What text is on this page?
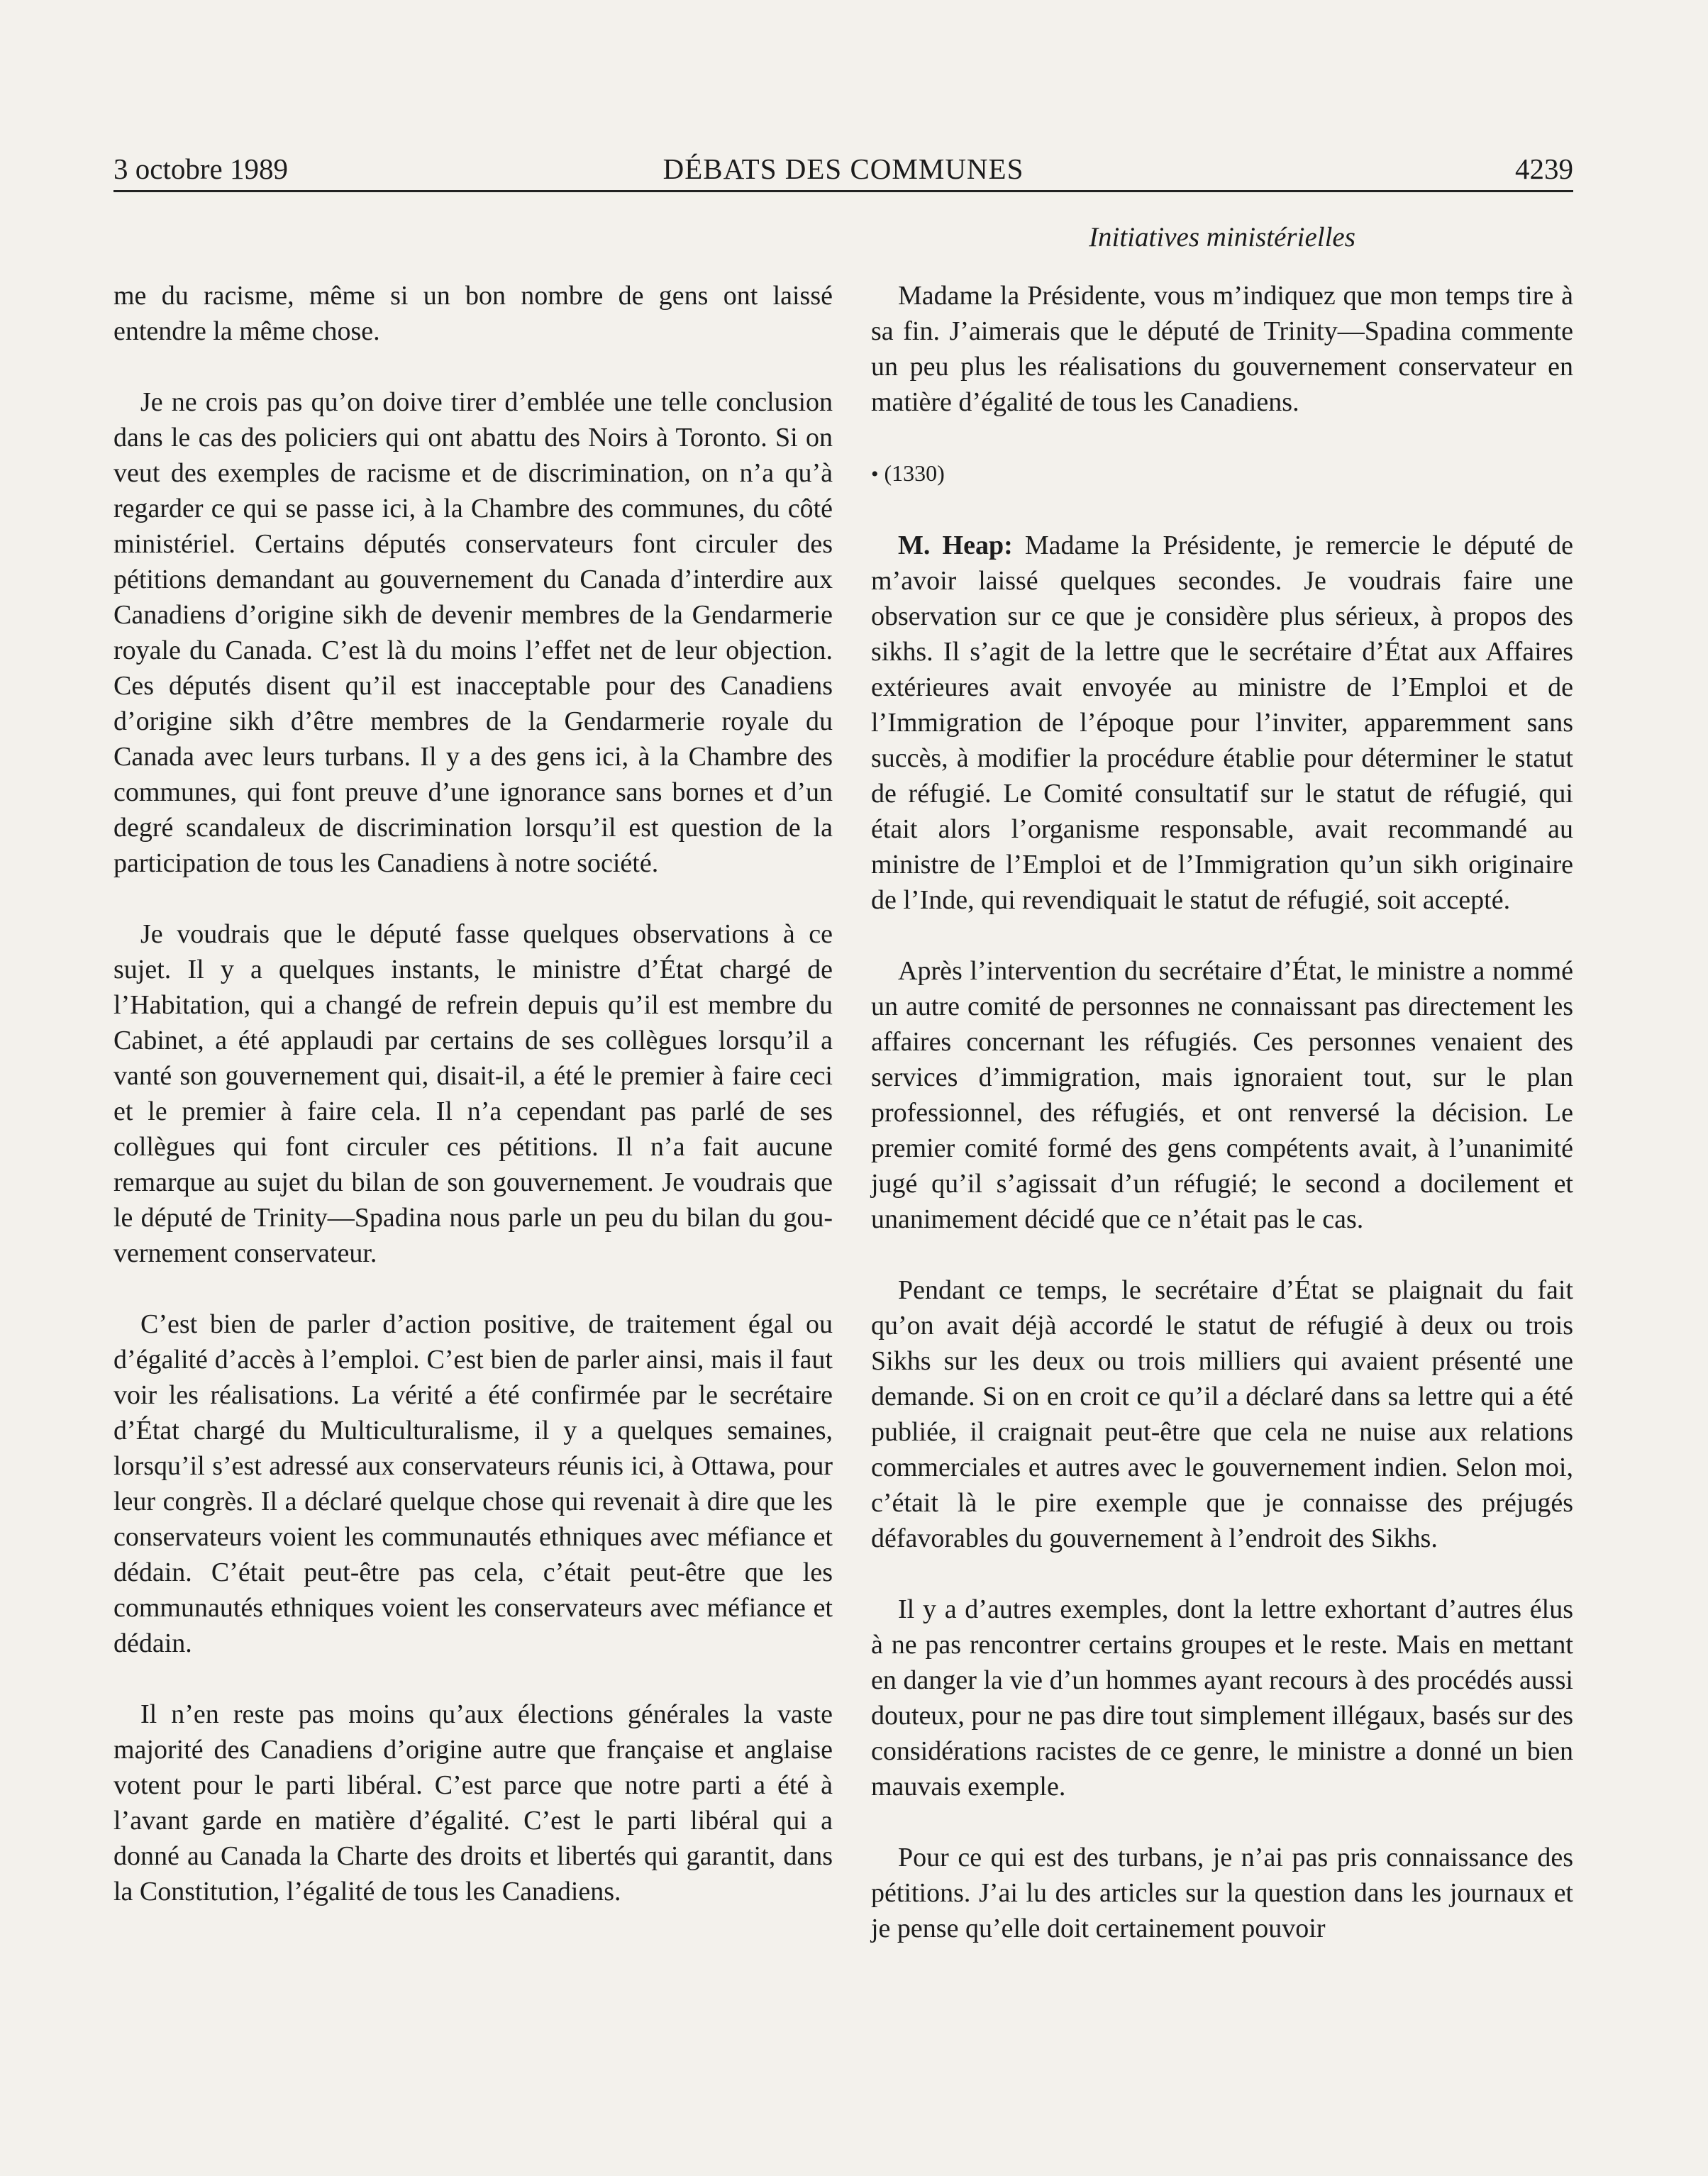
3 octobre 1989	DÉBATS DES COMMUNES	4239
Initiatives ministérielles

me du racisme, même si un bon nombre de gens ont laissé entendre la même chose.

Je ne crois pas qu’on doive tirer d’emblée une telle conclusion dans le cas des policiers qui ont abattu des Noirs à Toronto. Si on veut des exemples de racisme et de discrimination, on n’a qu’à regarder ce qui se passe ici, à la Chambre des communes, du côté ministériel. Certains députés conservateurs font circuler des pétitions demandant au gouvernement du Canada d’interdire aux Canadiens d’origine sikh de devenir membres de la Gendarmerie royale du Canada. C’est là du moins l’effet net de leur objection. Ces députés disent qu’il est inacceptable pour des Canadiens d’origine sikh d’être membres de la Gendarmerie royale du Canada avec leurs turbans. Il y a des gens ici, à la Chambre des communes, qui font preuve d’une ignorance sans bornes et d’un degré scandaleux de discrimination lorsqu’il est question de la participation de tous les Canadiens à notre société.

Je voudrais que le député fasse quelques observations à ce sujet. Il y a quelques instants, le ministre d’État chargé de l’Habitation, qui a changé de refrein depuis qu’il est membre du Cabinet, a été applaudi par certains de ses collègues lorsqu’il a vanté son gouvernement qui, disait-il, a été le premier à faire ceci et le premier à faire cela. Il n’a cependant pas parlé de ses collègues qui font circuler ces pétitions. Il n’a fait aucune remarque au sujet du bilan de son gouvernement. Je voudrais que le député de Trinity—Spadina nous parle un peu du bilan du gouvernement conservateur.

C’est bien de parler d’action positive, de traitement égal ou d’égalité d’accès à l’emploi. C’est bien de parler ainsi, mais il faut voir les réalisations. La vérité a été confirmée par le secrétaire d’État chargé du Multiculturalisme, il y a quelques semaines, lorsqu’il s’est adressé aux conservateurs réunis ici, à Ottawa, pour leur congrès. Il a déclaré quelque chose qui revenait à dire que les conservateurs voient les communautés ethniques avec méfiance et dédain. C’était peut-être pas cela, c’était peut-être que les communautés ethniques voient les conservateurs avec méfiance et dédain.

Il n’en reste pas moins qu’aux élections générales la vaste majorité des Canadiens d’origine autre que française et anglaise votent pour le parti libéral. C’est parce que notre parti a été à l’avant garde en matière d’égalité. C’est le parti libéral qui a donné au Canada la Charte des droits et libertés qui garantit, dans la Constitution, l’égalité de tous les Canadiens.

Madame la Présidente, vous m’indiquez que mon temps tire à sa fin. J’aimerais que le député de Trinity—Spadina commente un peu plus les réalisations du gouvernement conservateur en matière d’égalité de tous les Canadiens.

• (1330)

M. Heap: Madame la Présidente, je remercie le député de m’avoir laissé quelques secondes. Je voudrais faire une observation sur ce que je considère plus sérieux, à propos des sikhs. Il s’agit de la lettre que le secrétaire d’État aux Affaires extérieures avait envoyée au ministre de l’Emploi et de l’Immigration de l’époque pour l’inviter, apparemment sans succès, à modifier la procédure établie pour déterminer le statut de réfugié. Le Comité consultatif sur le statut de réfugié, qui était alors l’organisme responsable, avait recommandé au ministre de l’Emploi et de l’Immigration qu’un sikh originaire de l’Inde, qui revendiquait le statut de réfugié, soit accepté.

Après l’intervention du secrétaire d’État, le ministre a nommé un autre comité de personnes ne connaissant pas directement les affaires concernant les réfugiés. Ces personnes venaient des services d’immigration, mais ignoraient tout, sur le plan professionnel, des réfugiés, et ont renversé la décision. Le premier comité formé des gens compétents avait, à l’unanimité jugé qu’il s’agissait d’un réfugié; le second a docilement et unanimement décidé que ce n’était pas le cas.

Pendant ce temps, le secrétaire d’État se plaignait du fait qu’on avait déjà accordé le statut de réfugié à deux ou trois Sikhs sur les deux ou trois milliers qui avaient présenté une demande. Si on en croit ce qu’il a déclaré dans sa lettre qui a été publiée, il craignait peut-être que cela ne nuise aux relations commerciales et autres avec le gouvernement indien. Selon moi, c’était là le pire exemple que je connaisse des préjugés défavorables du gouvernement à l’endroit des Sikhs.

Il y a d’autres exemples, dont la lettre exhortant d’autres élus à ne pas rencontrer certains groupes et le reste. Mais en mettant en danger la vie d’un hommes ayant recours à des procédés aussi douteux, pour ne pas dire tout simplement illégaux, basés sur des considérations racistes de ce genre, le ministre a donné un bien mauvais exemple.

Pour ce qui est des turbans, je n’ai pas pris connaissance des pétitions. J’ai lu des articles sur la question dans les journaux et je pense qu’elle doit certainement pouvoir
